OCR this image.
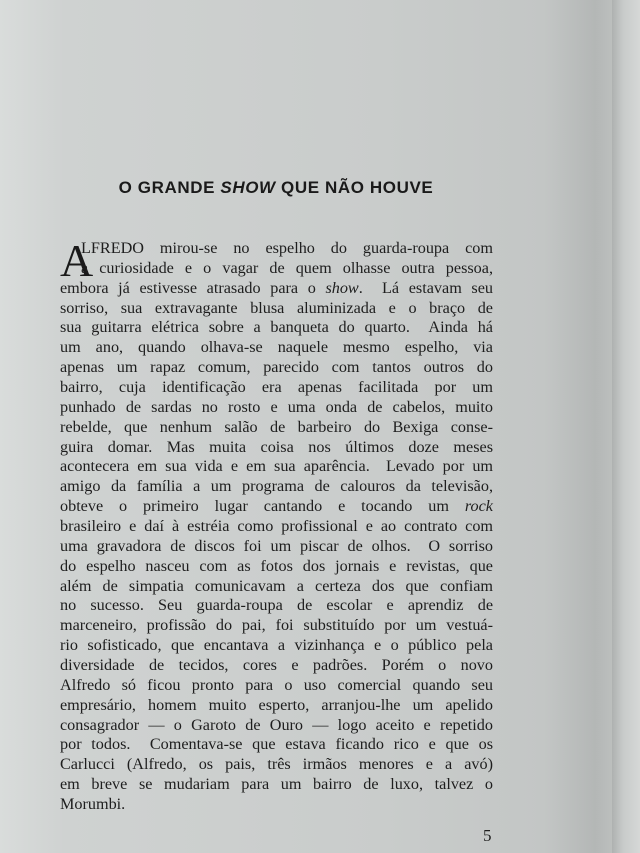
O GRANDE SHOW QUE NÃO HOUVE
A
LFREDO mirou-se no espelho do guarda-roupa com
a curiosidade e o vagar de quem olhasse outra pessoa,
embora já estivesse atrasado para o show.  Lá estavam seu
sorriso, sua extravagante blusa aluminizada e o braço de
sua guitarra elétrica sobre a banqueta do quarto.  Ainda há
um ano, quando olhava-se naquele mesmo espelho, via
apenas um rapaz comum, parecido com tantos outros do
bairro, cuja identificação era apenas facilitada por um
punhado de sardas no rosto e uma onda de cabelos, muito
rebelde, que nenhum salão de barbeiro do Bexiga conse-
guira domar. Mas muita coisa nos últimos doze meses
acontecera em sua vida e em sua aparência.  Levado por um
amigo da família a um programa de calouros da televisão,
obteve o primeiro lugar cantando e tocando um rock
brasileiro e daí à estréia como profissional e ao contrato com
uma gravadora de discos foi um piscar de olhos.  O sorriso
do espelho nasceu com as fotos dos jornais e revistas, que
além de simpatia comunicavam a certeza dos que confiam
no sucesso. Seu guarda-roupa de escolar e aprendiz de
marceneiro, profissão do pai, foi substituído por um vestuá-
rio sofisticado, que encantava a vizinhança e o público pela
diversidade de tecidos, cores e padrões. Porém o novo
Alfredo só ficou pronto para o uso comercial quando seu
empresário, homem muito esperto, arranjou-lhe um apelido
consagrador — o Garoto de Ouro — logo aceito e repetido
por todos.  Comentava-se que estava ficando rico e que os
Carlucci (Alfredo, os pais, três irmãos menores e a avó)
em breve se mudariam para um bairro de luxo, talvez o
Morumbi.
5
